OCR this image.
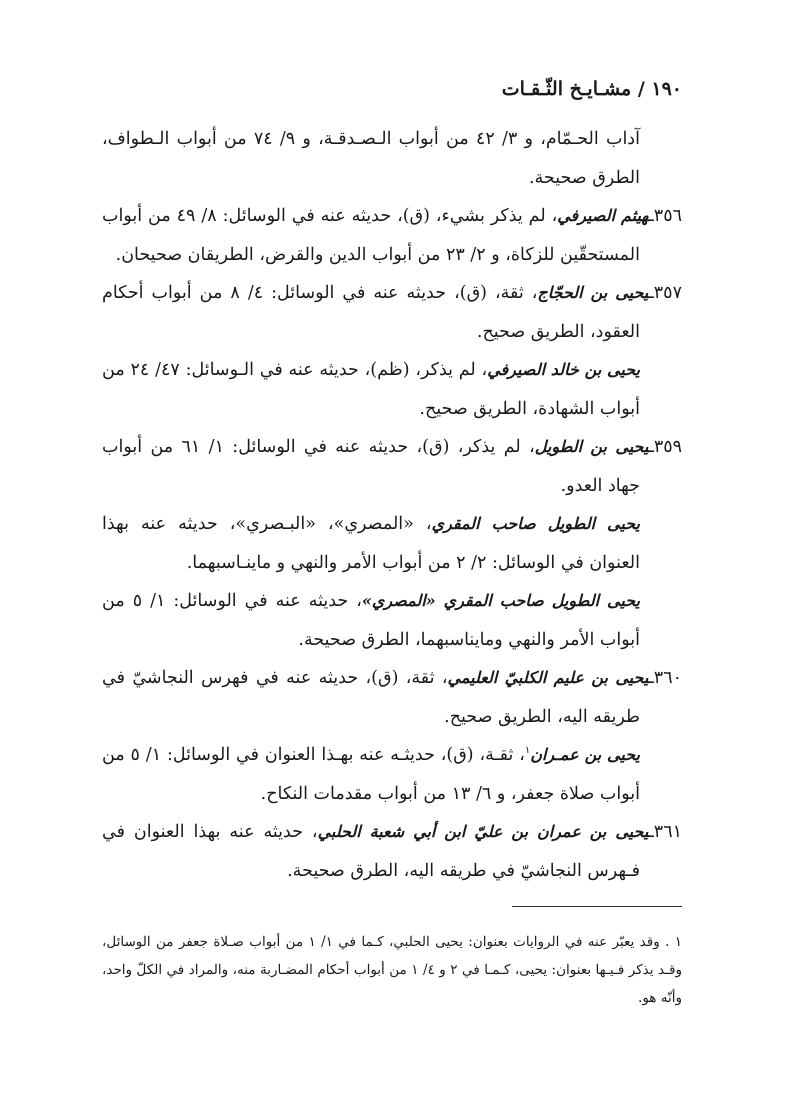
١٩٠ / مشـايـخ الثّـقـات

آداب الحـمّام، و ٣/ ٤٢ من أبواب الـصـدقـة، و ٩/ ٧٤ من أبواب الـطواف، الطرق صحيحة.

٣٥٦ـهيثم الصيرفي، لم يذكر بشيء، (ق)، حديثه عنه في الوسائل: ٨/ ٤٩ من أبواب المستحقّين للزكاة، و ٢/ ٢٣ من أبواب الدين والقرض، الطريقان صحيحان.

٣٥٧ـيحيى بن الحجّاج، ثقة، (ق)، حديثه عنه في الوسائل: ٤/ ٨ من أبواب أحكام العقود، الطريق صحيح.

يحيى بن خالد الصيرفي، لم يذكر، (ظم)، حديثه عنه في الـوسائل: ٤٧/ ٢٤ من أبواب الشهادة، الطريق صحيح.

٣٥٩ـيحيى بن الطويل، لم يذكر، (ق)، حديثه عنه في الوسائل: ١/ ٦١ من أبواب جهاد العدو.

يحيى الطويل صاحب المقري، «المصري»، «البـصري»، حديثه عنه بهذا العنوان في الوسائل: ٢/ ٢ من أبواب الأمر والنهي و ماينـاسبهما.

يحيى الطويل صاحب المقري «المصري»، حديثه عنه في الوسائل: ١/ ٥ من أبواب الأمر والنهي ومايناسبهما، الطرق صحيحة.

٣٦٠ـيحيى بن عليم الكلبيّ العليمي، ثقة، (ق)، حديثه عنه في فهرس النجاشيّ في طريقه اليه، الطريق صحيح.

يحيى بن عمـران$^١$، ثقـة، (ق)، حديثـه عنه بهـذا العنوان في الوسائل: ١/ ٥ من أبواب صلاة جعفر، و ٦/ ١٣ من أبواب مقدمات النكاح.

٣٦١ـيحيى بن عمران بن عليّ ابن أبي شعبة الحلبي، حديثه عنه بهذا العنوان في فـهرس النجاشيّ في طريقه اليه، الطرق صحيحة.

١ . وقد يعبّر عنه في الروايات بعنوان: يحيى الحلبي، كـما في ١/ ١ من أبواب صـلاة جعفر من الوسائل، وقـد يذكر فـيـها بعنوان: يحيى، كـمـا في ٢ و ٤/ ١ من أبواب أحكام المضـاربة منه، والمراد في الكلّ واحد، وأنّه هو.
